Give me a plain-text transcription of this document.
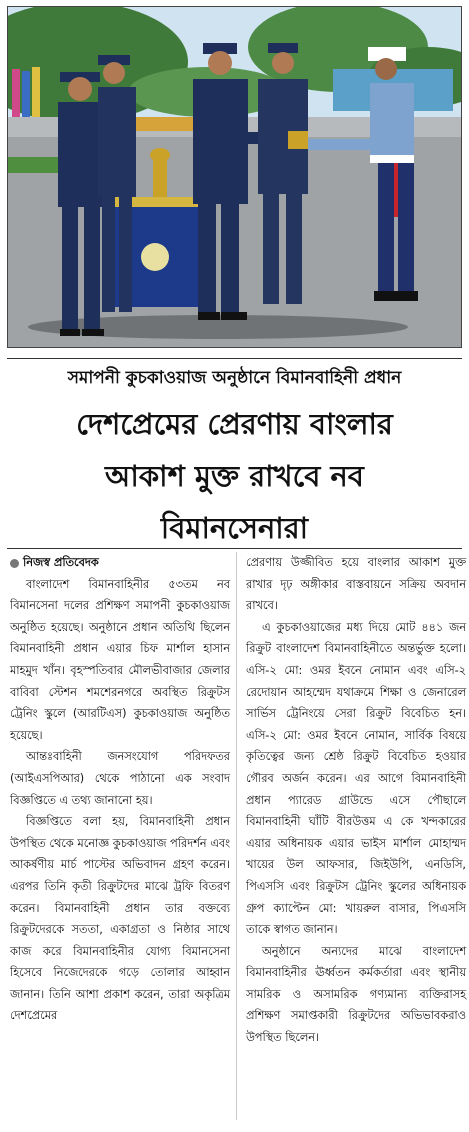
সমাপনী কুচকাওয়াজ অনুষ্ঠানে বিমানবাহিনী প্রধান
দেশপ্রেমের প্রেরণায় বাংলার
আকাশ মুক্ত রাখবে নব
বিমানসেনারা

নিজস্ব প্রতিবেদক

বাংলাদেশ বিমানবাহিনীর ৫৩তম নব বিমানসেনা দলের প্রশিক্ষণ সমাপনী কুচকাওয়াজ অনুষ্ঠিত হয়েছে। অনুষ্ঠানে প্রধান অতিথি ছিলেন বিমানবাহিনী প্রধান এয়ার চিফ মার্শাল হাসান মাহমুদ খাঁন। বৃহস্পতিবার মৌলভীবাজার জেলার বাবিবা স্টেশন শমশেরনগরে অবস্থিত রিক্রুটস ট্রেনিং স্কুলে (আরটিএস) কুচকাওয়াজ অনুষ্ঠিত হয়েছে।

আন্তঃবাহিনী জনসংযোগ পরিদফতর (আইএসপিআর) থেকে পাঠানো এক সংবাদ বিজ্ঞপ্তিতে এ তথ্য জানানো হয়।

বিজ্ঞপ্তিতে বলা হয়, বিমানবাহিনী প্রধান উপস্থিত থেকে মনোজ্ঞ কুচকাওয়াজ পরিদর্শন এবং আকর্ষণীয় মার্চ পাস্টের অভিবাদন গ্রহণ করেন। এরপর তিনি কৃতী রিক্রুটদের মাঝে ট্রফি বিতরণ করেন। বিমানবাহিনী প্রধান তার বক্তব্যে রিক্রুটদেরকে সততা, একাগ্রতা ও নিষ্ঠার সাথে কাজ করে বিমানবাহিনীর যোগ্য বিমানসেনা হিসেবে নিজেদেরকে গড়ে তোলার আহ্বান জানান। তিনি আশা প্রকাশ করেন, তারা অকৃত্রিম দেশপ্রেমের

প্রেরণায় উজ্জীবিত হয়ে বাংলার আকাশ মুক্ত রাখার দৃঢ় অঙ্গীকার বাস্তবায়নে সক্রিয় অবদান রাখবে।

এ কুচকাওয়াজের মধ্য দিয়ে মোট ৪৪১ জন রিক্রুট বাংলাদেশ বিমানবাহিনীতে অন্তর্ভুক্ত হলো। এসি-২ মো: ওমর ইবনে নোমান এবং এসি-২ রেদোয়ান আহম্মেদ যথাক্রমে শিক্ষা ও জেনারেল সার্ভিস ট্রেনিংয়ে সেরা রিক্রুট বিবেচিত হন। এসি-২ মো: ওমর ইবনে নোমান, সার্বিক বিষয়ে কৃতিত্বের জন্য শ্রেষ্ঠ রিক্রুট বিবেচিত হওয়ার গৌরব অর্জন করেন। এর আগে বিমানবাহিনী প্রধান প্যারেড গ্রাউন্ডে এসে পৌছালে বিমানবাহিনী ঘাঁটি বীরউত্তম এ কে খন্দকারের এয়ার অধিনায়ক এয়ার ভাইস মার্শাল মোহাম্মদ খায়ের উল আফসার, জিইউপি, এনডিসি, পিএসসি এবং রিক্রুটস ট্রেনিং স্কুলের অধিনায়ক গ্রুপ ক্যাপ্টেন মো: খায়রুল বাসার, পিএসসি তাকে স্বাগত জানান।

অনুষ্ঠানে অন্যদের মাঝে বাংলাদেশ বিমানবাহিনীর ঊর্ধ্বতন কর্মকর্তারা এবং স্থানীয় সামরিক ও অসামরিক গণ্যমান্য ব্যক্তিরাসহ প্রশিক্ষণ সমাপ্তকারী রিক্রুটদের অভিভাবকরাও উপস্থিত ছিলেন।
